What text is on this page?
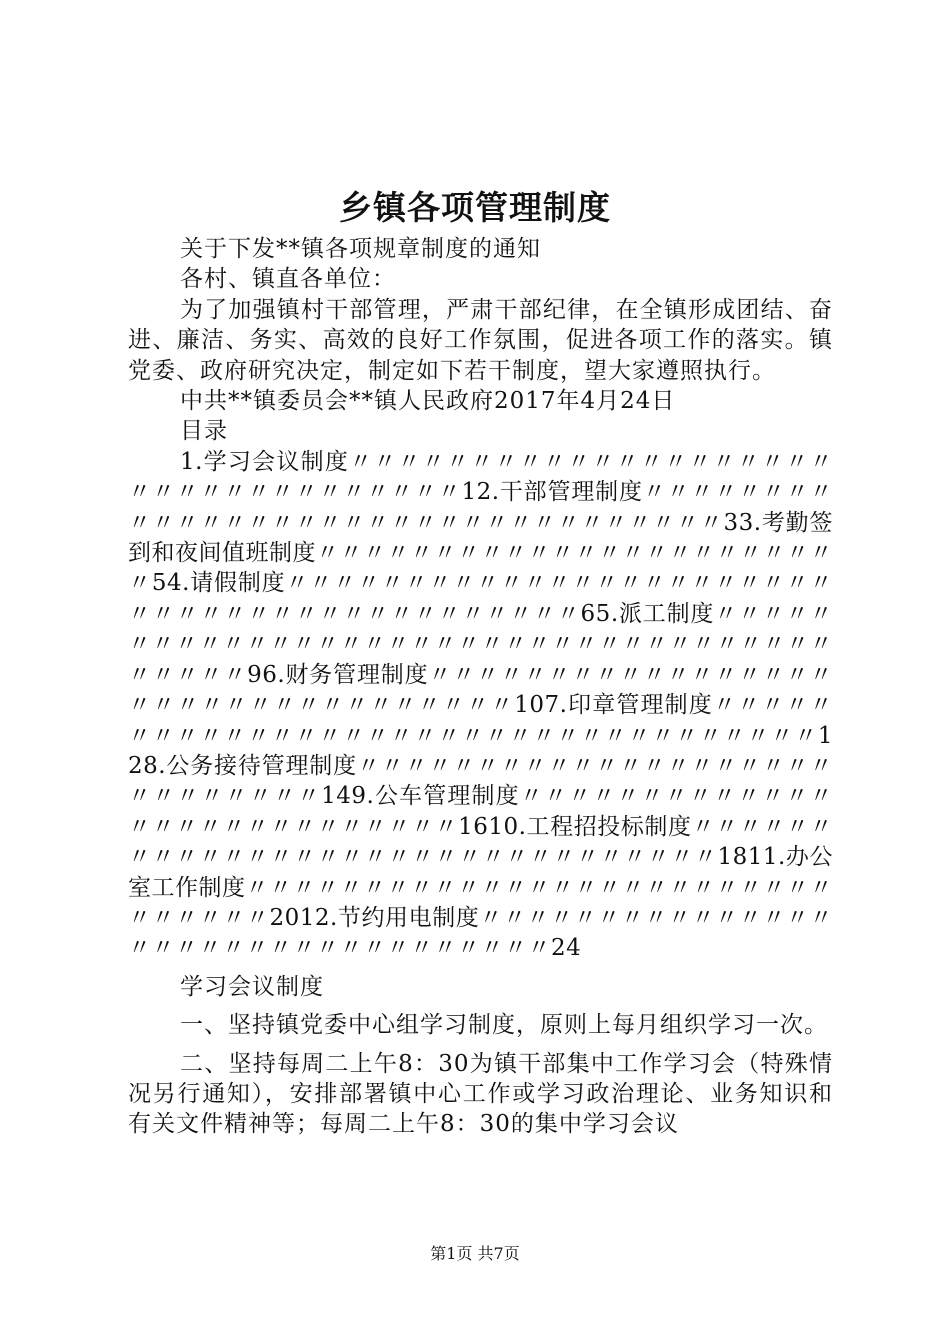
乡镇各项管理制度

关于下发**镇各项规章制度的通知

各村、镇直各单位：

为了加强镇村干部管理，严肃干部纪律，在全镇形成团结、奋进、廉洁、务实、高效的良好工作氛围，促进各项工作的落实。镇党委、政府研究决定，制定如下若干制度，望大家遵照执行。

中共**镇委员会**镇人民政府2017年4月24日

目录

1.学习会议制度〃〃〃〃〃〃〃〃〃〃〃〃〃〃〃〃〃〃〃〃〃〃〃〃〃〃〃〃〃〃〃〃〃〃12.干部管理制度〃〃〃〃〃〃〃〃〃〃〃〃〃〃〃〃〃〃〃〃〃〃〃〃〃〃〃〃〃〃〃〃〃33.考勤签到和夜间值班制度〃〃〃〃〃〃〃〃〃〃〃〃〃〃〃〃〃〃〃〃〃〃〃54.请假制度〃〃〃〃〃〃〃〃〃〃〃〃〃〃〃〃〃〃〃〃〃〃〃〃〃〃〃〃〃〃〃〃〃〃〃〃〃〃〃〃〃〃65.派工制度〃〃〃〃〃〃〃〃〃〃〃〃〃〃〃〃〃〃〃〃〃〃〃〃〃〃〃〃〃〃〃〃〃〃〃〃〃〃〃〃96.财务管理制度〃〃〃〃〃〃〃〃〃〃〃〃〃〃〃〃〃〃〃〃〃〃〃〃〃〃〃〃〃〃〃〃〃107.印章管理制度〃〃〃〃〃〃〃〃〃〃〃〃〃〃〃〃〃〃〃〃〃〃〃〃〃〃〃〃〃〃〃〃〃〃128.公务接待管理制度〃〃〃〃〃〃〃〃〃〃〃〃〃〃〃〃〃〃〃〃〃〃〃〃〃〃〃〃149.公车管理制度〃〃〃〃〃〃〃〃〃〃〃〃〃〃〃〃〃〃〃〃〃〃〃〃〃〃〃1610.工程招投标制度〃〃〃〃〃〃〃〃〃〃〃〃〃〃〃〃〃〃〃〃〃〃〃〃〃〃〃〃〃〃〃1811.办公室工作制度〃〃〃〃〃〃〃〃〃〃〃〃〃〃〃〃〃〃〃〃〃〃〃〃〃〃〃〃〃〃〃2012.节约用电制度〃〃〃〃〃〃〃〃〃〃〃〃〃〃〃〃〃〃〃〃〃〃〃〃〃〃〃〃〃〃〃〃〃24

学习会议制度

一、坚持镇党委中心组学习制度，原则上每月组织学习一次。

二、坚持每周二上午8：30为镇干部集中工作学习会（特殊情况另行通知），安排部署镇中心工作或学习政治理论、业务知识和有关文件精神等；每周二上午8：30的集中学习会议

第1页 共7页
